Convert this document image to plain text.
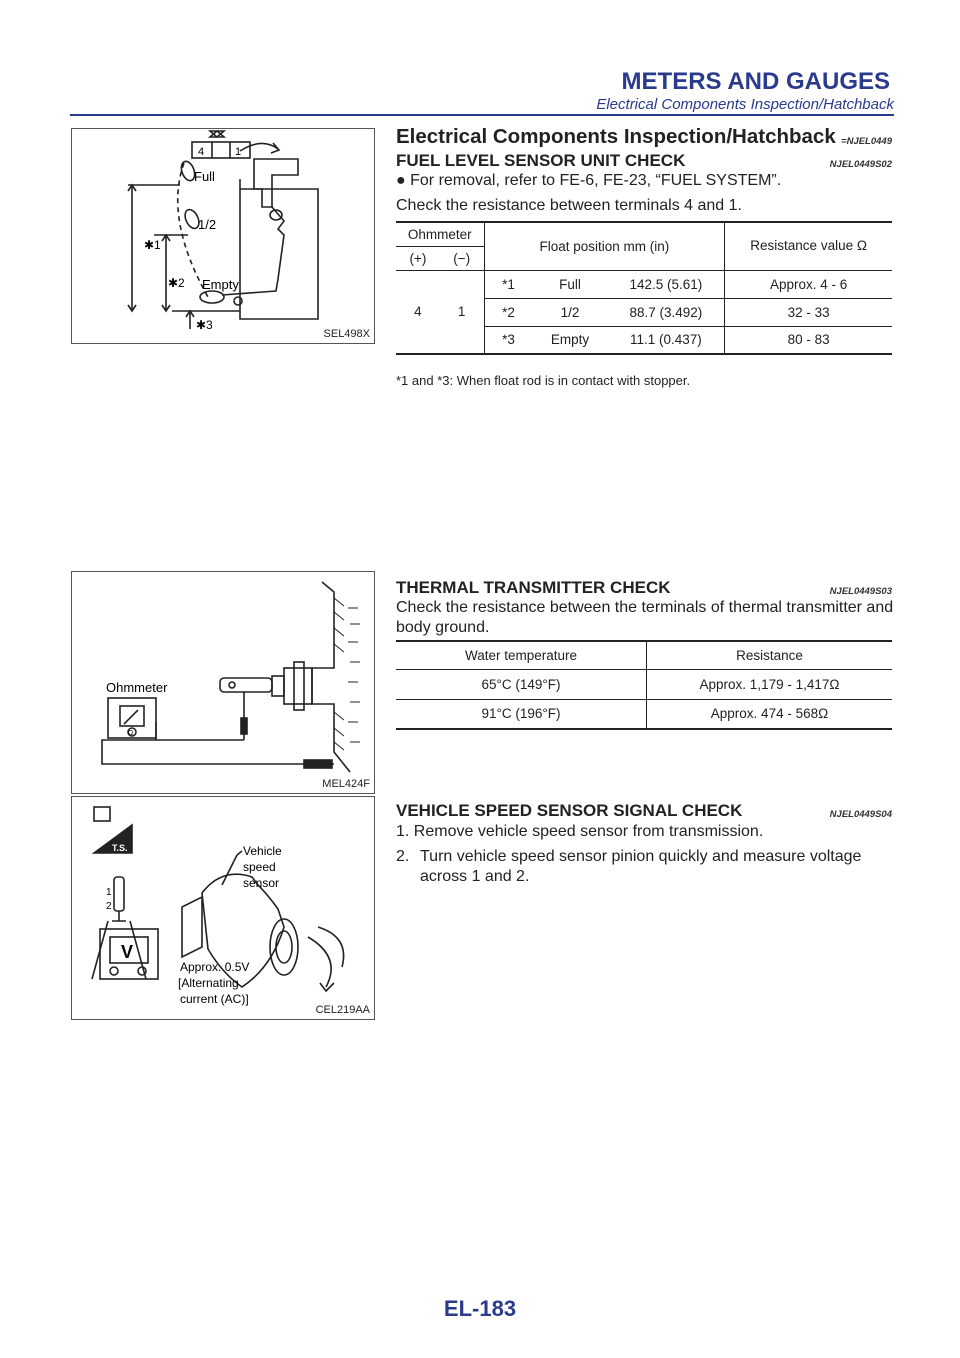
METERS AND GAUGES
Electrical Components Inspection/Hatchback
4	1
Full
1/2
Empty
✱1
✱2
✱3
SEL498X
Electrical Components Inspection/Hatchback =NJEL0449
FUEL LEVEL SENSOR UNIT CHECK	NJEL0449S02
● For removal, refer to FE-6, FE-23, “FUEL SYSTEM”.
Check the resistance between terminals 4 and 1.
Ohmmeter		Float position mm (in)			Resistance value Ω
(+)	(−)				
4	1	*1	Full	142.5 (5.61)	Approx. 4 - 6
		*2	1/2	88.7 (3.492)	32 - 33
		*3	Empty	11.1 (0.437)	80 - 83
*1 and *3: When float rod is in contact with stopper.
Ohmmeter
Ω
MEL424F
THERMAL TRANSMITTER CHECK	NJEL0449S03
Check the resistance between the terminals of thermal transmitter and body ground.
Water temperature	Resistance
65°C (149°F)	Approx. 1,179 - 1,417Ω
91°C (196°F)	Approx. 474 - 568Ω
Vehicle
speed
sensor
Approx. 0.5V
[Alternating
current (AC)]
T.S.
V
1
2
CEL219AA
VEHICLE SPEED SENSOR SIGNAL CHECK	NJEL0449S04
1. Remove vehicle speed sensor from transmission.
2. Turn vehicle speed sensor pinion quickly and measure voltage across 1 and 2.
EL-183
